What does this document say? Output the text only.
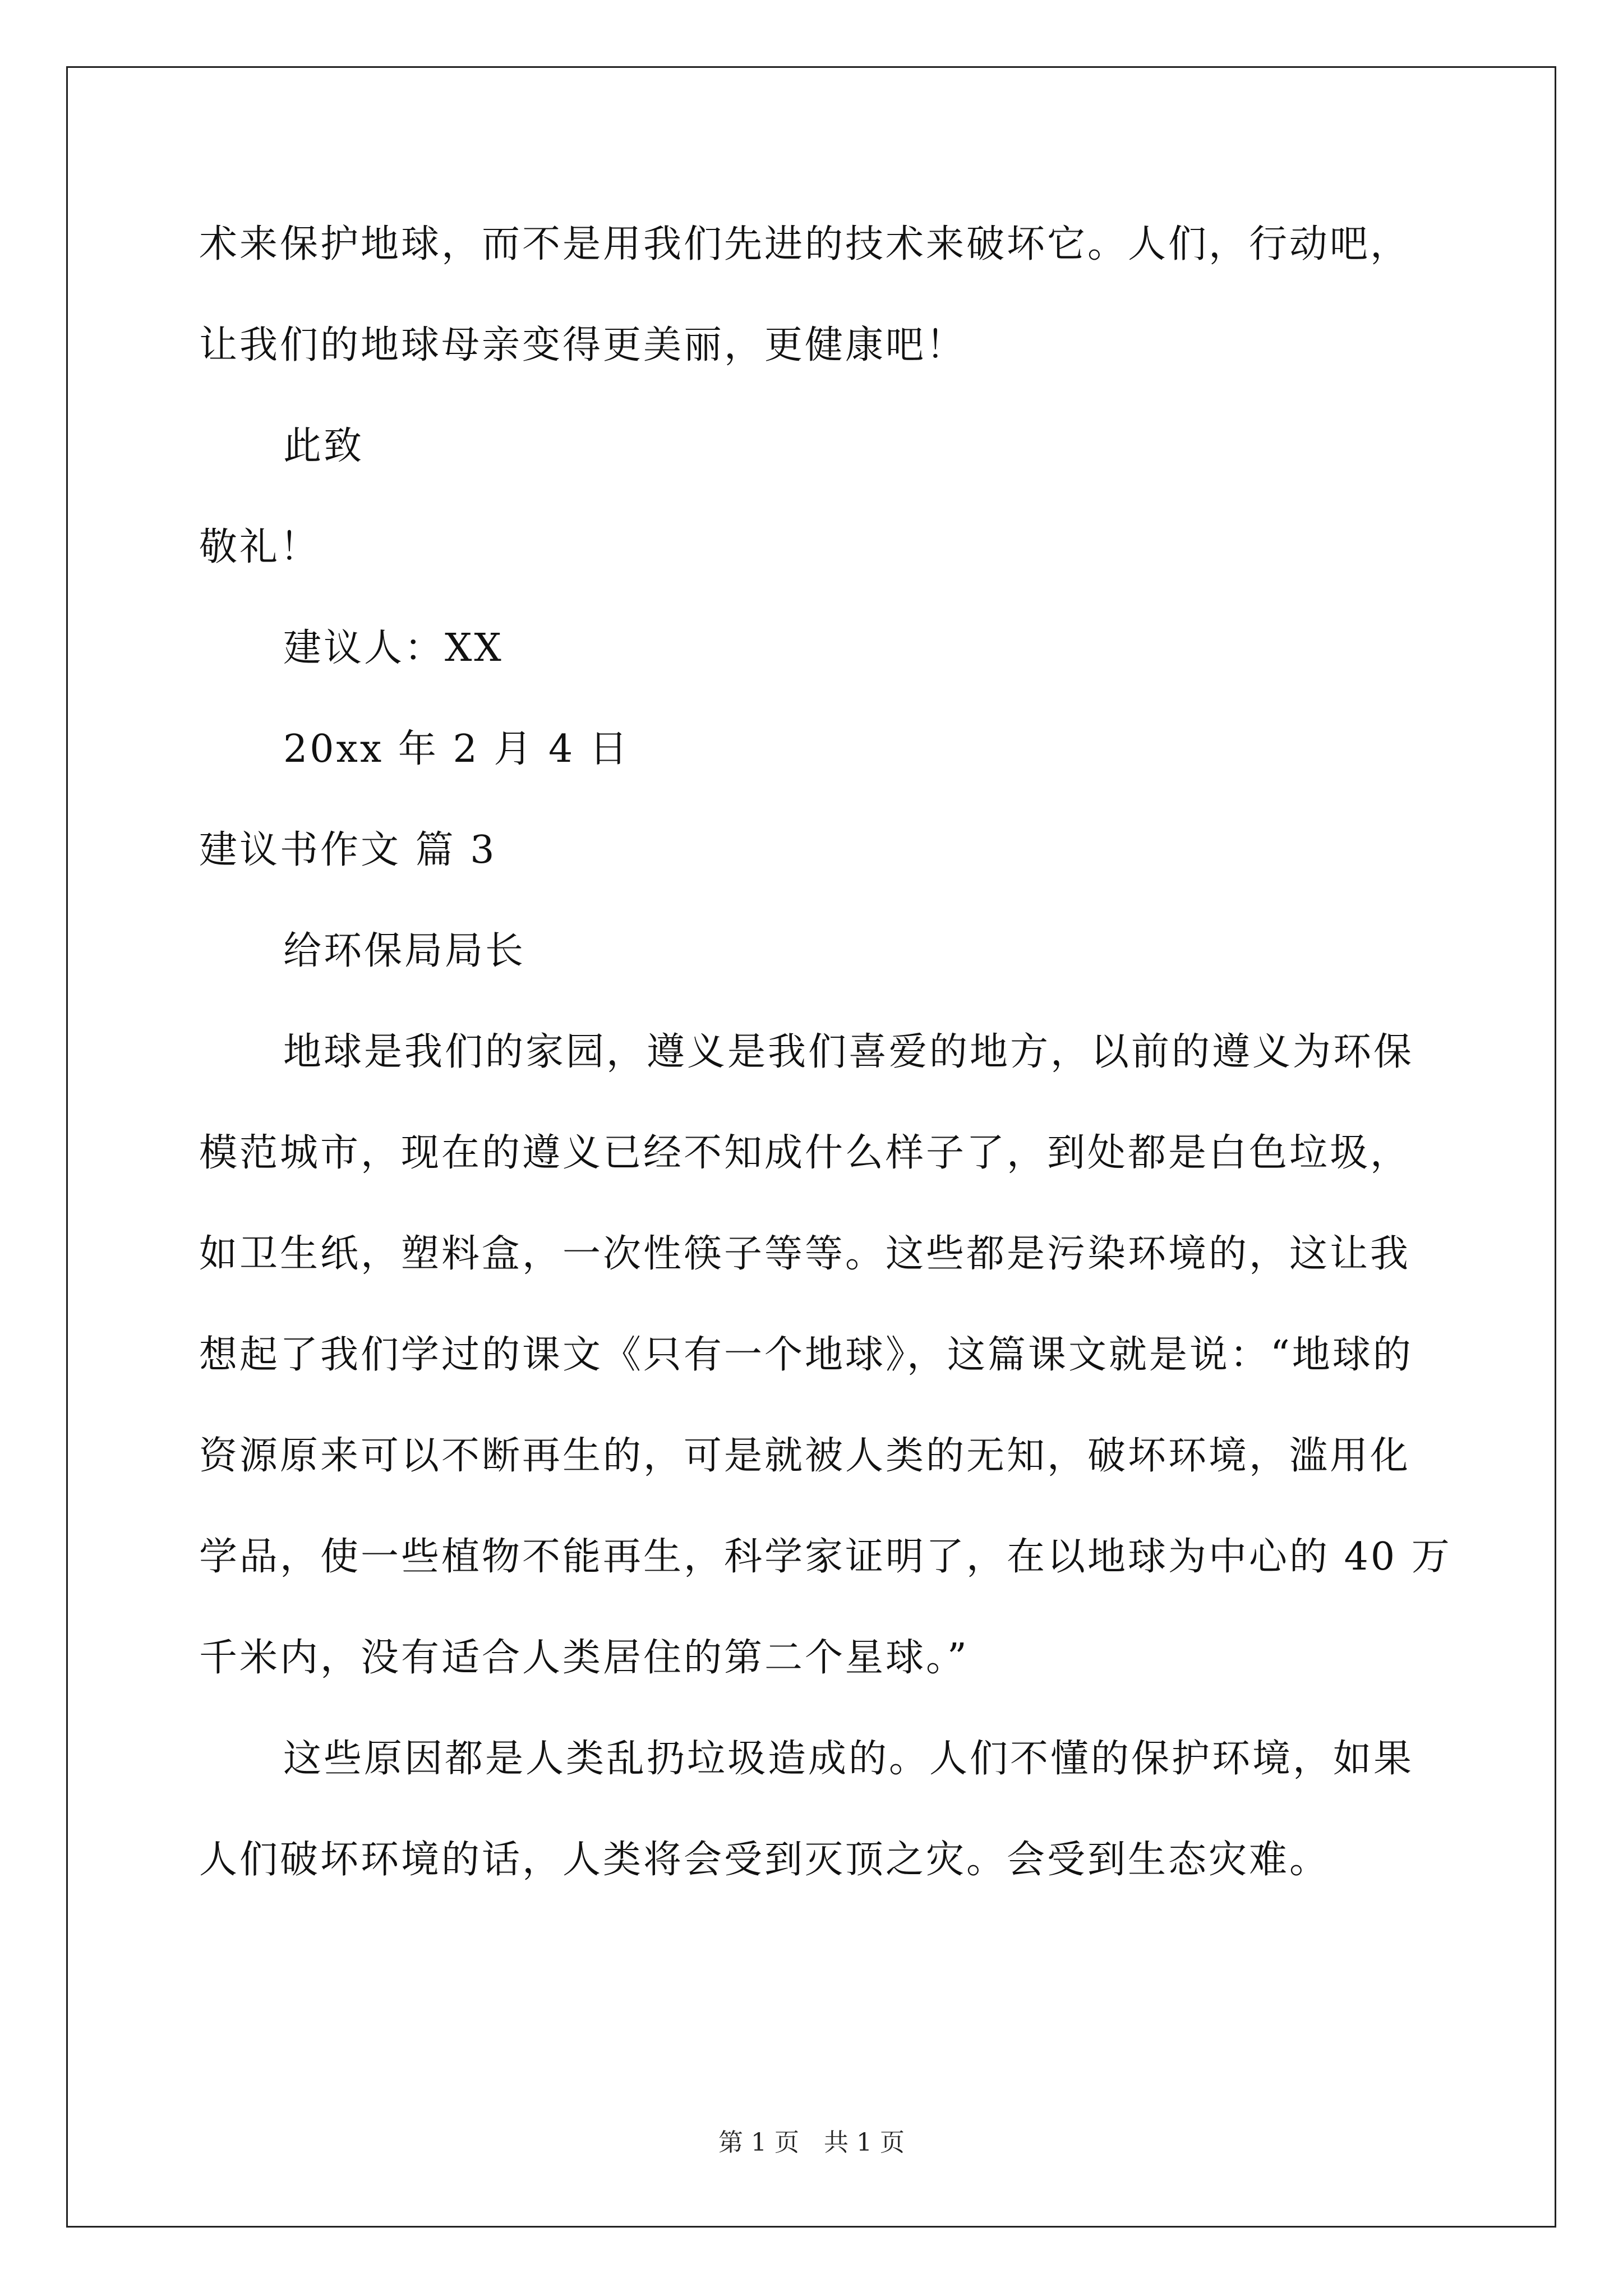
术来保护地球，而不是用我们先进的技术来破坏它。人们，行动吧，
让我们的地球母亲变得更美丽，更健康吧！
此致
敬礼！
建议人：XX
20xx 年 2 月 4 日
建议书作文 篇 3
给环保局局长
地球是我们的家园，遵义是我们喜爱的地方，以前的遵义为环保
模范城市，现在的遵义已经不知成什么样子了，到处都是白色垃圾，
如卫生纸，塑料盒，一次性筷子等等。这些都是污染环境的，这让我
想起了我们学过的课文《只有一个地球》，这篇课文就是说：“地球的
资源原来可以不断再生的，可是就被人类的无知，破坏环境，滥用化
学品，使一些植物不能再生，科学家证明了，在以地球为中心的 40 万
千米内，没有适合人类居住的第二个星球。”
这些原因都是人类乱扔垃圾造成的。人们不懂的保护环境，如果
人们破坏环境的话，人类将会受到灭顶之灾。会受到生态灾难。
第 1 页　共 1 页
